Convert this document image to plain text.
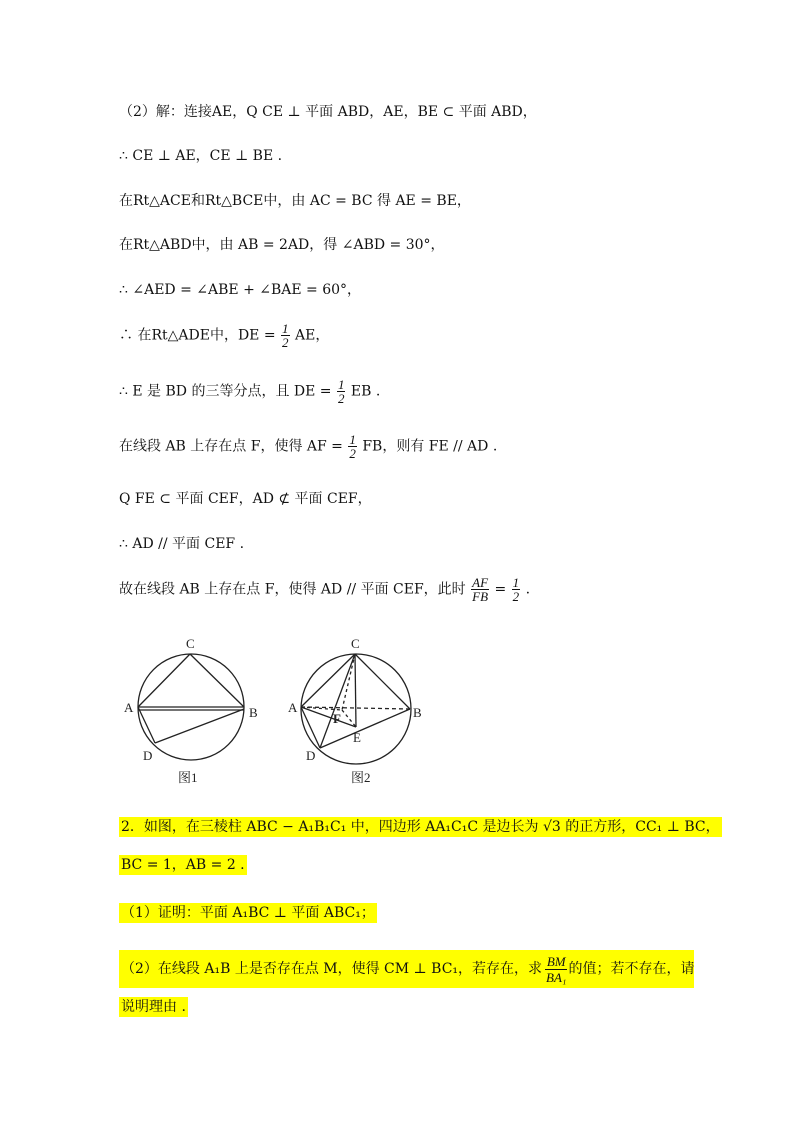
（2）解：连接AE，Q CE ⊥ 平面 ABD，AE，BE ⊂ 平面 ABD，
∴ CE ⊥ AE，CE ⊥ BE .
在Rt△ACE和Rt△BCE中，由 AC = BC 得 AE = BE，
在Rt△ABD中，由 AB = 2AD，得 ∠ABD = 30°，
∴ ∠AED = ∠ABE + ∠BAE = 60°，
∴ 在Rt△ADE中，DE = $\frac{1}{2}$ AE，
∴ E 是 BD 的三等分点，且 DE = $\frac{1}{2}$ EB .
在线段 AB 上存在点 F，使得 AF = $\frac{1}{2}$ FB，则有 FE // AD .
Q FE ⊂ 平面 CEF，AD ⊄ 平面 CEF，
∴ AD // 平面 CEF .
故在线段 AB 上存在点 F，使得 AD // 平面 CEF，此时 $\frac{AF}{FB} = \frac{1}{2}$ .
C
A	B
D
图1
C
A	B
D
E
F
图2
2．如图，在三棱柱 ABC − A₁B₁C₁ 中，四边形 AA₁C₁C 是边长为 √3 的正方形，CC₁ ⊥ BC，
BC = 1，AB = 2 .
（1）证明：平面 A₁BC ⊥ 平面 ABC₁；
（2）在线段 A₁B 上是否存在点 M，使得 CM ⊥ BC₁，若存在，求 $\frac{BM}{\text{BA₁}}$ 的值；若不存在，请
说明理由 .
